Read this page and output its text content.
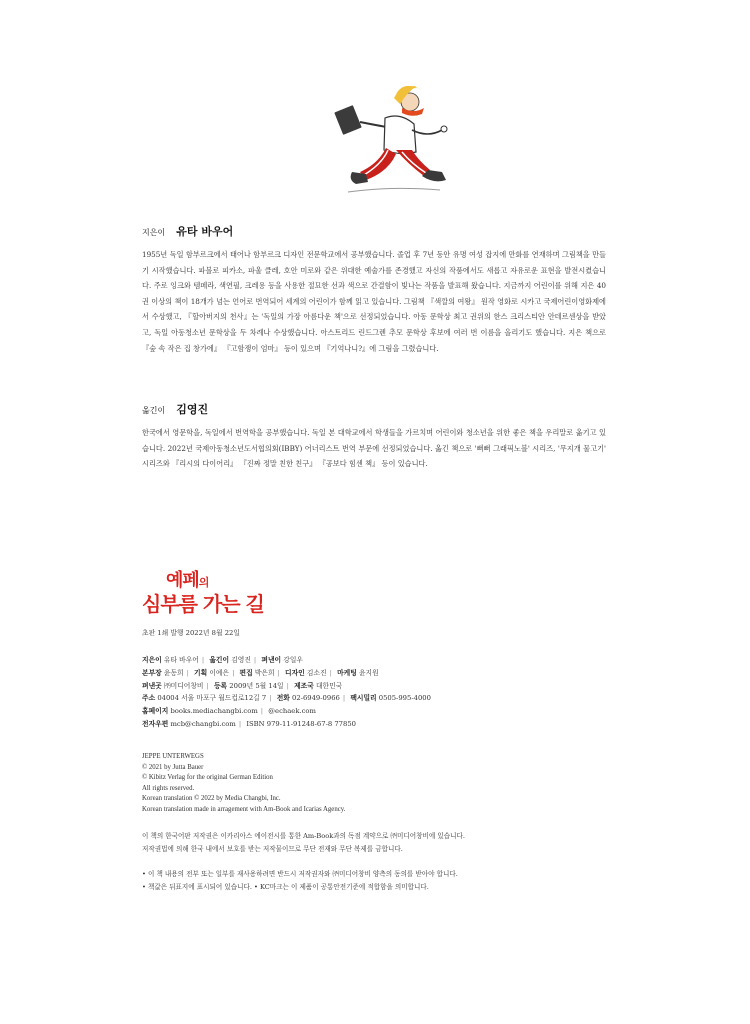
지은이 유타 바우어
1955년 독일 함부르크에서 태어나 함부르크 디자인 전문학교에서 공부했습니다. 졸업 후 7년 동안 유명 여성 잡지에 만화를 연재하며 그림책을 만들기 시작했습니다. 파블로 피카소, 파울 클레, 호안 미로와 같은 위대한 예술가를 존경했고 자신의 작품에서도 새롭고 자유로운 표현을 발전시켰습니다. 주로 잉크와 템페라, 색연필, 크레용 등을 사용한 절묘한 선과 색으로 간결함이 빛나는 작품을 발표해 왔습니다. 지금까지 어린이를 위해 지은 40권 이상의 책이 18개가 넘는 언어로 번역되어 세계의 어린이가 함께 읽고 있습니다. 그림책 『색깔의 여왕』 원작 영화로 시카고 국제어린이영화제에서 수상했고, 『할아버지의 천사』는 '독일의 가장 아름다운 책'으로 선정되었습니다. 아동 문학상 최고 권위의 한스 크리스티안 안데르센상을 받았고, 독일 아동청소년 문학상을 두 차례나 수상했습니다. 아스트리드 린드그렌 추모 문학상 후보에 여러 번 이름을 올리기도 했습니다. 지은 책으로 『숲 속 작은 집 창가에』 『고함쟁이 엄마』 등이 있으며 『기억나니?』에 그림을 그렸습니다.
옮긴이 김영진
한국에서 영문학을, 독일에서 번역학을 공부했습니다. 독일 본 대학교에서 학생들을 가르치며 어린이와 청소년을 위한 좋은 책을 우리말로 옮기고 있습니다. 2022년 국제아동청소년도서협의회(IBBY) 어너리스트 번역 부문에 선정되었습니다. 옮긴 책으로 '뻐뻐 그래픽노블' 시리즈, '무지개 물고기' 시리즈와 『리시의 다이어리』 『진짜 정말 친한 친구』 『공보다 힘센 책』 등이 있습니다.
예페의
심부름 가는 길
초판 1쇄 발행 2022년 8월 22일
지은이 유타 바우어 | 옮긴이 김영진 | 펴낸이 강일우
본부장 윤동희 | 기획 이예은 | 편집 박은희 | 디자인 김소진 | 마케팅 윤지원
펴낸곳 ㈜미디어창비 | 등록 2009년 5월 14일 | 제조국 대한민국
주소 04004 서울 마포구 월드컵로12길 7 | 전화 02-6949-0966 | 팩시밀리 0505-995-4000
홈페이지 books.mediachangbi.com | @echaek.com
전자우편 mcb@changbi.com | ISBN 979-11-91248-67-8 77850
JEPPE UNTERWEGS
© 2021 by Jutta Bauer
© Kibitz Verlag for the original German Edition
All rights reserved.
Korean translation © 2022 by Media Changbi, Inc.
Korean translation made in arragement with Am-Book and Icarias Agency.
이 책의 한국어판 저작권은 이카리아스 에이전시를 통한 Am-Book과의 독점 계약으로 ㈜미디어창비에 있습니다.
저작권법에 의해 한국 내에서 보호를 받는 저작물이므로 무단 전재와 무단 복제를 금합니다.
• 이 책 내용의 전부 또는 일부를 재사용하려면 반드시 저작권자와 ㈜미디어창비 양측의 동의를 받아야 합니다.
• 책값은 뒤표지에 표시되어 있습니다. • KC마크는 이 제품이 공통안전기준에 적합함을 의미합니다.
